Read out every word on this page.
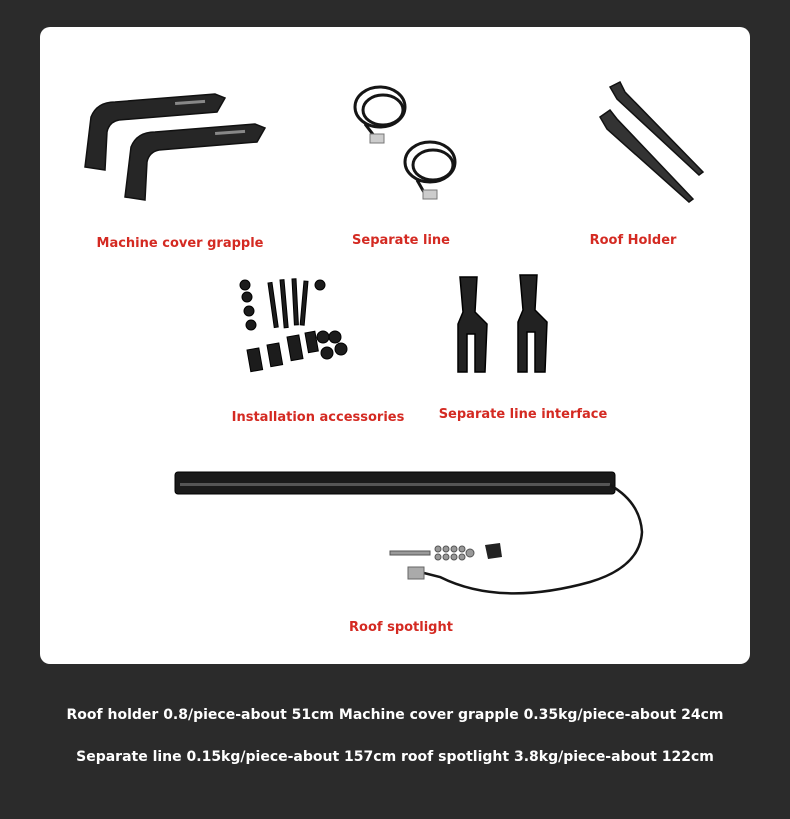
Machine cover grapple	Separate line	Roof Holder
Installation accessories	Separate line interface
Roof spotlight
Roof holder 0.8/piece-about 51cm Machine cover grapple 0.35kg/piece-about 24cm
Separate line 0.15kg/piece-about 157cm roof spotlight 3.8kg/piece-about 122cm
